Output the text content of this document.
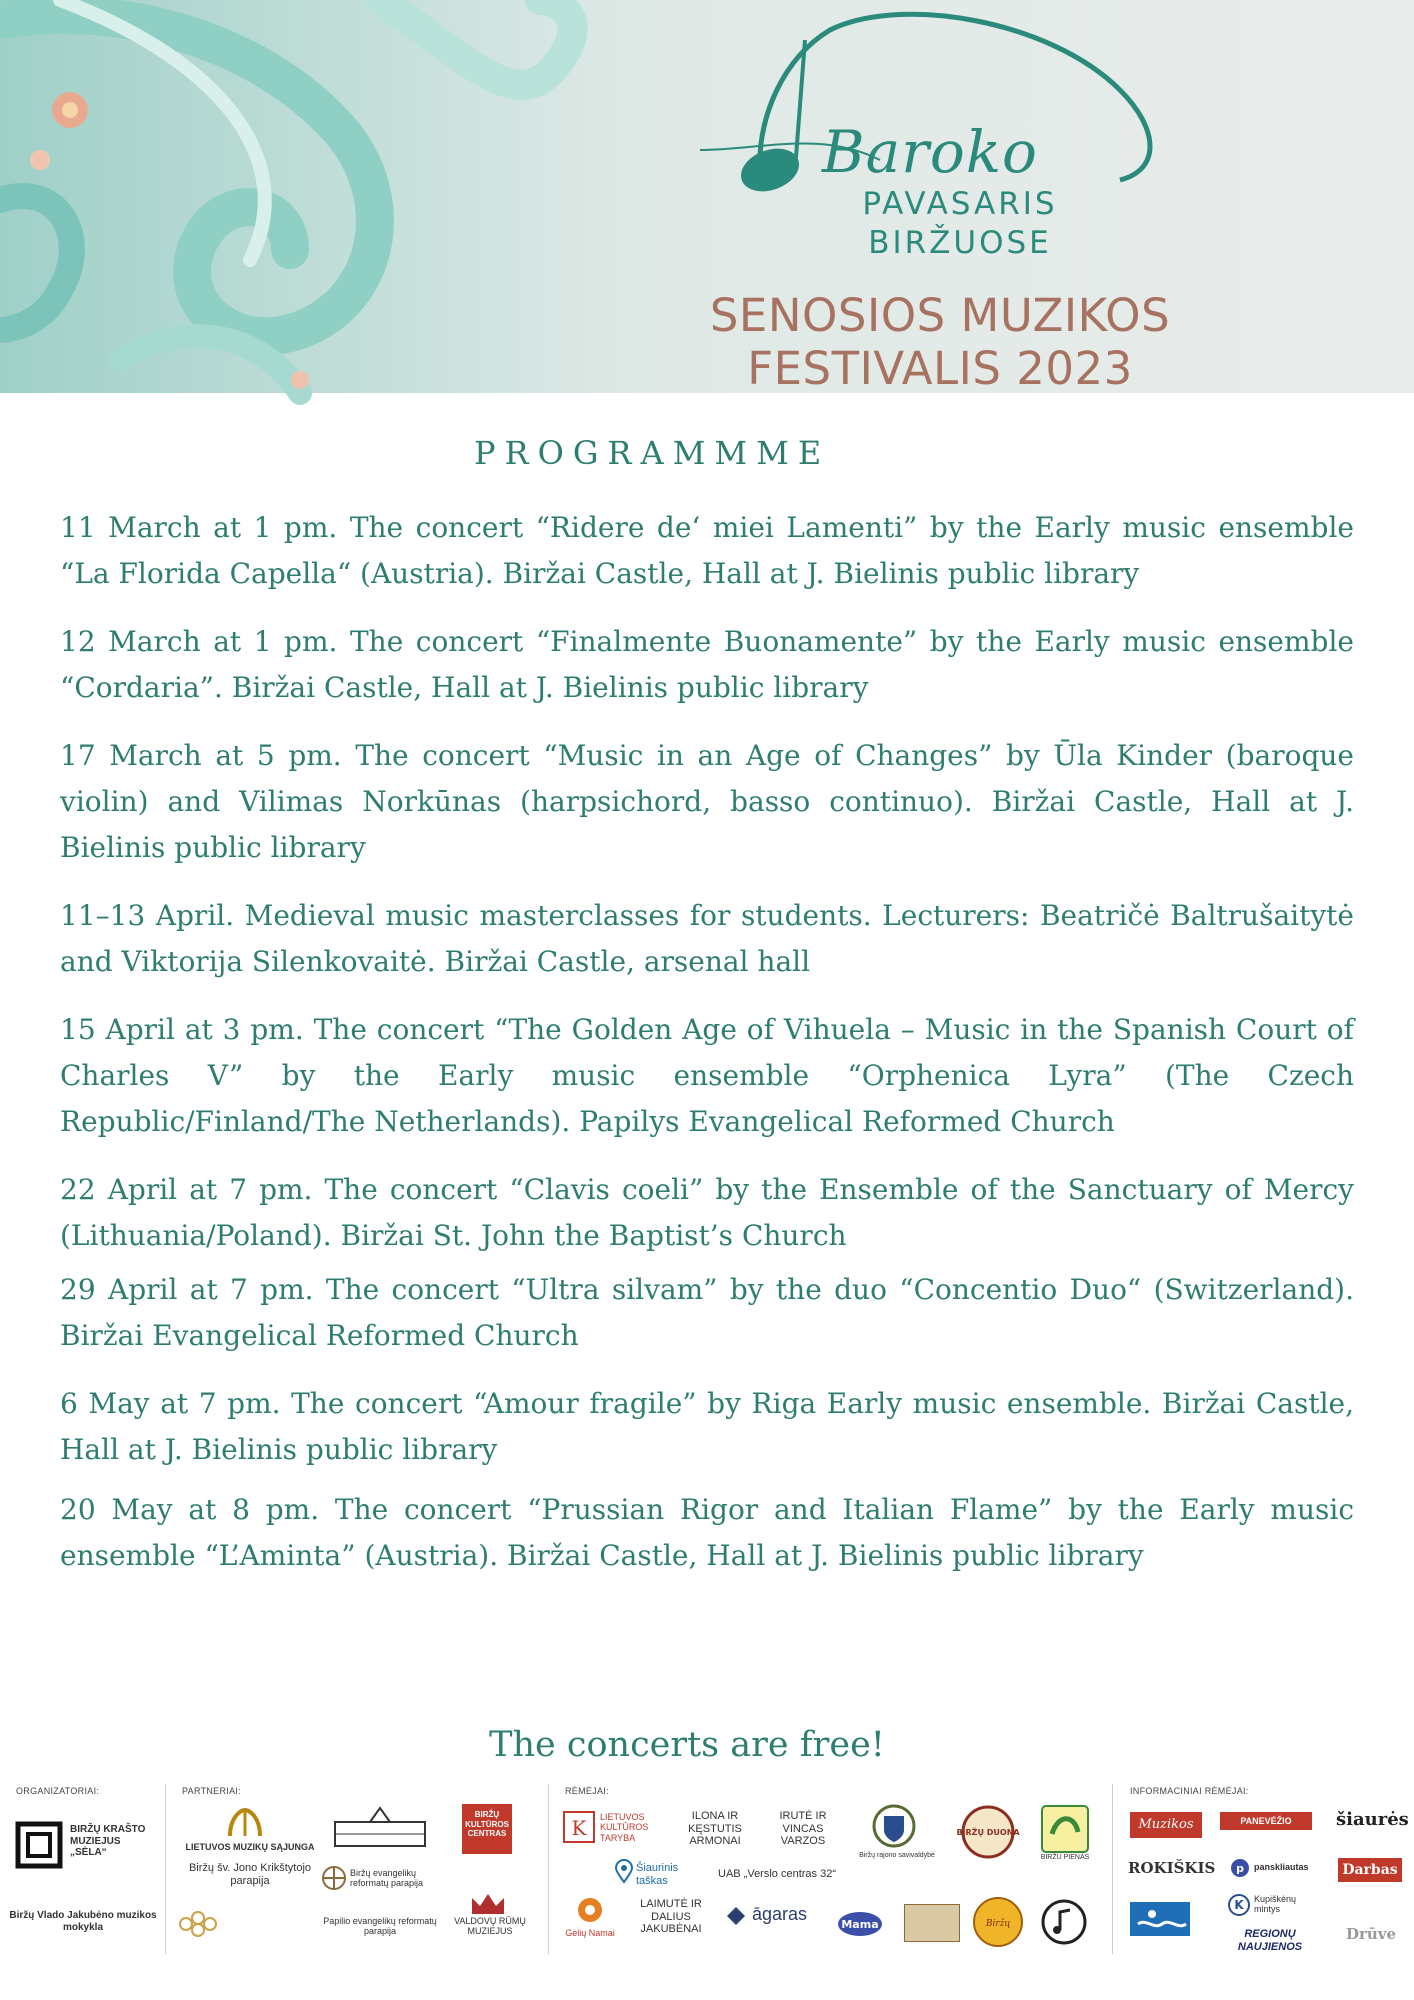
Baroko
PAVASARIS
BIRŽUOSE
SENOSIOS MUZIKOS
FESTIVALIS 2023
PROGRAMMME

11 March at 1 pm. The concert “Ridere de‘ miei Lamenti” by the Early music ensemble “La Florida Capella“ (Austria). Biržai Castle, Hall at J. Bielinis public library

12 March at 1 pm. The concert “Finalmente Buonamente” by the Early music ensemble “Cordaria”. Biržai Castle, Hall at J. Bielinis public library

17 March at 5 pm. The concert “Music in an Age of Changes” by Ūla Kinder (baroque violin) and Vilimas Norkūnas (harpsichord, basso continuo). Biržai Castle, Hall at J. Bielinis public library

11–13 April. Medieval music masterclasses for students. Lecturers: Beatričė Baltrušaitytė and Viktorija Silenkovaitė. Biržai Castle, arsenal hall

15 April at 3 pm. The concert “The Golden Age of Vihuela – Music in the Spanish Court of Charles V” by the Early music ensemble “Orphenica Lyra” (The Czech Republic/Finland/The Netherlands). Papilys Evangelical Reformed Church

22 April at 7 pm. The concert “Clavis coeli” by the Ensemble of the Sanctuary of Mercy (Lithuania/Poland). Biržai St. John the Baptist’s Church

29 April at 7 pm. The concert “Ultra silvam” by the duo “Concentio Duo“ (Switzerland). Biržai Evangelical Reformed Church

6 May at 7 pm. The concert “Amour fragile” by Riga Early music ensemble. Biržai Castle, Hall at J. Bielinis public library

20 May at 8 pm. The concert “Prussian Rigor and Italian Flame” by the Early music ensemble “L’Aminta” (Austria). Biržai Castle, Hall at J. Bielinis public library

The concerts are free!
ORGANIZATORIAI:	PARTNERIAI:	RĖMĖJAI:	INFORMACINIAI RĖMĖJAI:
BIRŽŲ KRAŠTO MUZIEJUS „SĖLA“
Biržų Vlado Jakubėno muzikos mokykla
LIETUVOS MUZIKŲ SĄJUNGA
Biržų šv. Jono Krikštytojo parapija
Biržų evangelikų reformatų parapija
Papilio evangelikų reformatų parapija
BIRŽŲ KULTŪROS CENTRAS
VALDOVŲ RŪMŲ MUZIEJUS
K LIETUVOS KULTŪROS TARYBA
ILONA IR KĘSTUTIS ARMONAI
IRUTĖ IR VINCAS VARZOS
Biržų rajono savivaldybė
BIRŽŲ DUONA
BIRŽU PIENAS
Šiaurinis taškas
UAB „Verslo centras 32“
Gėlių Namai
LAIMUTĖ IR DALIUS JAKUBĖNAI
āgaras
Mama	Biržų
Muzikos barai
PANEVĖŽIO KRAŠTAS
šiaurės
ROKIŠKIS p panskliautas	Darbas
K Kupiškėnų mintys
REGIONŲ NAUJIENOS
Drūve
